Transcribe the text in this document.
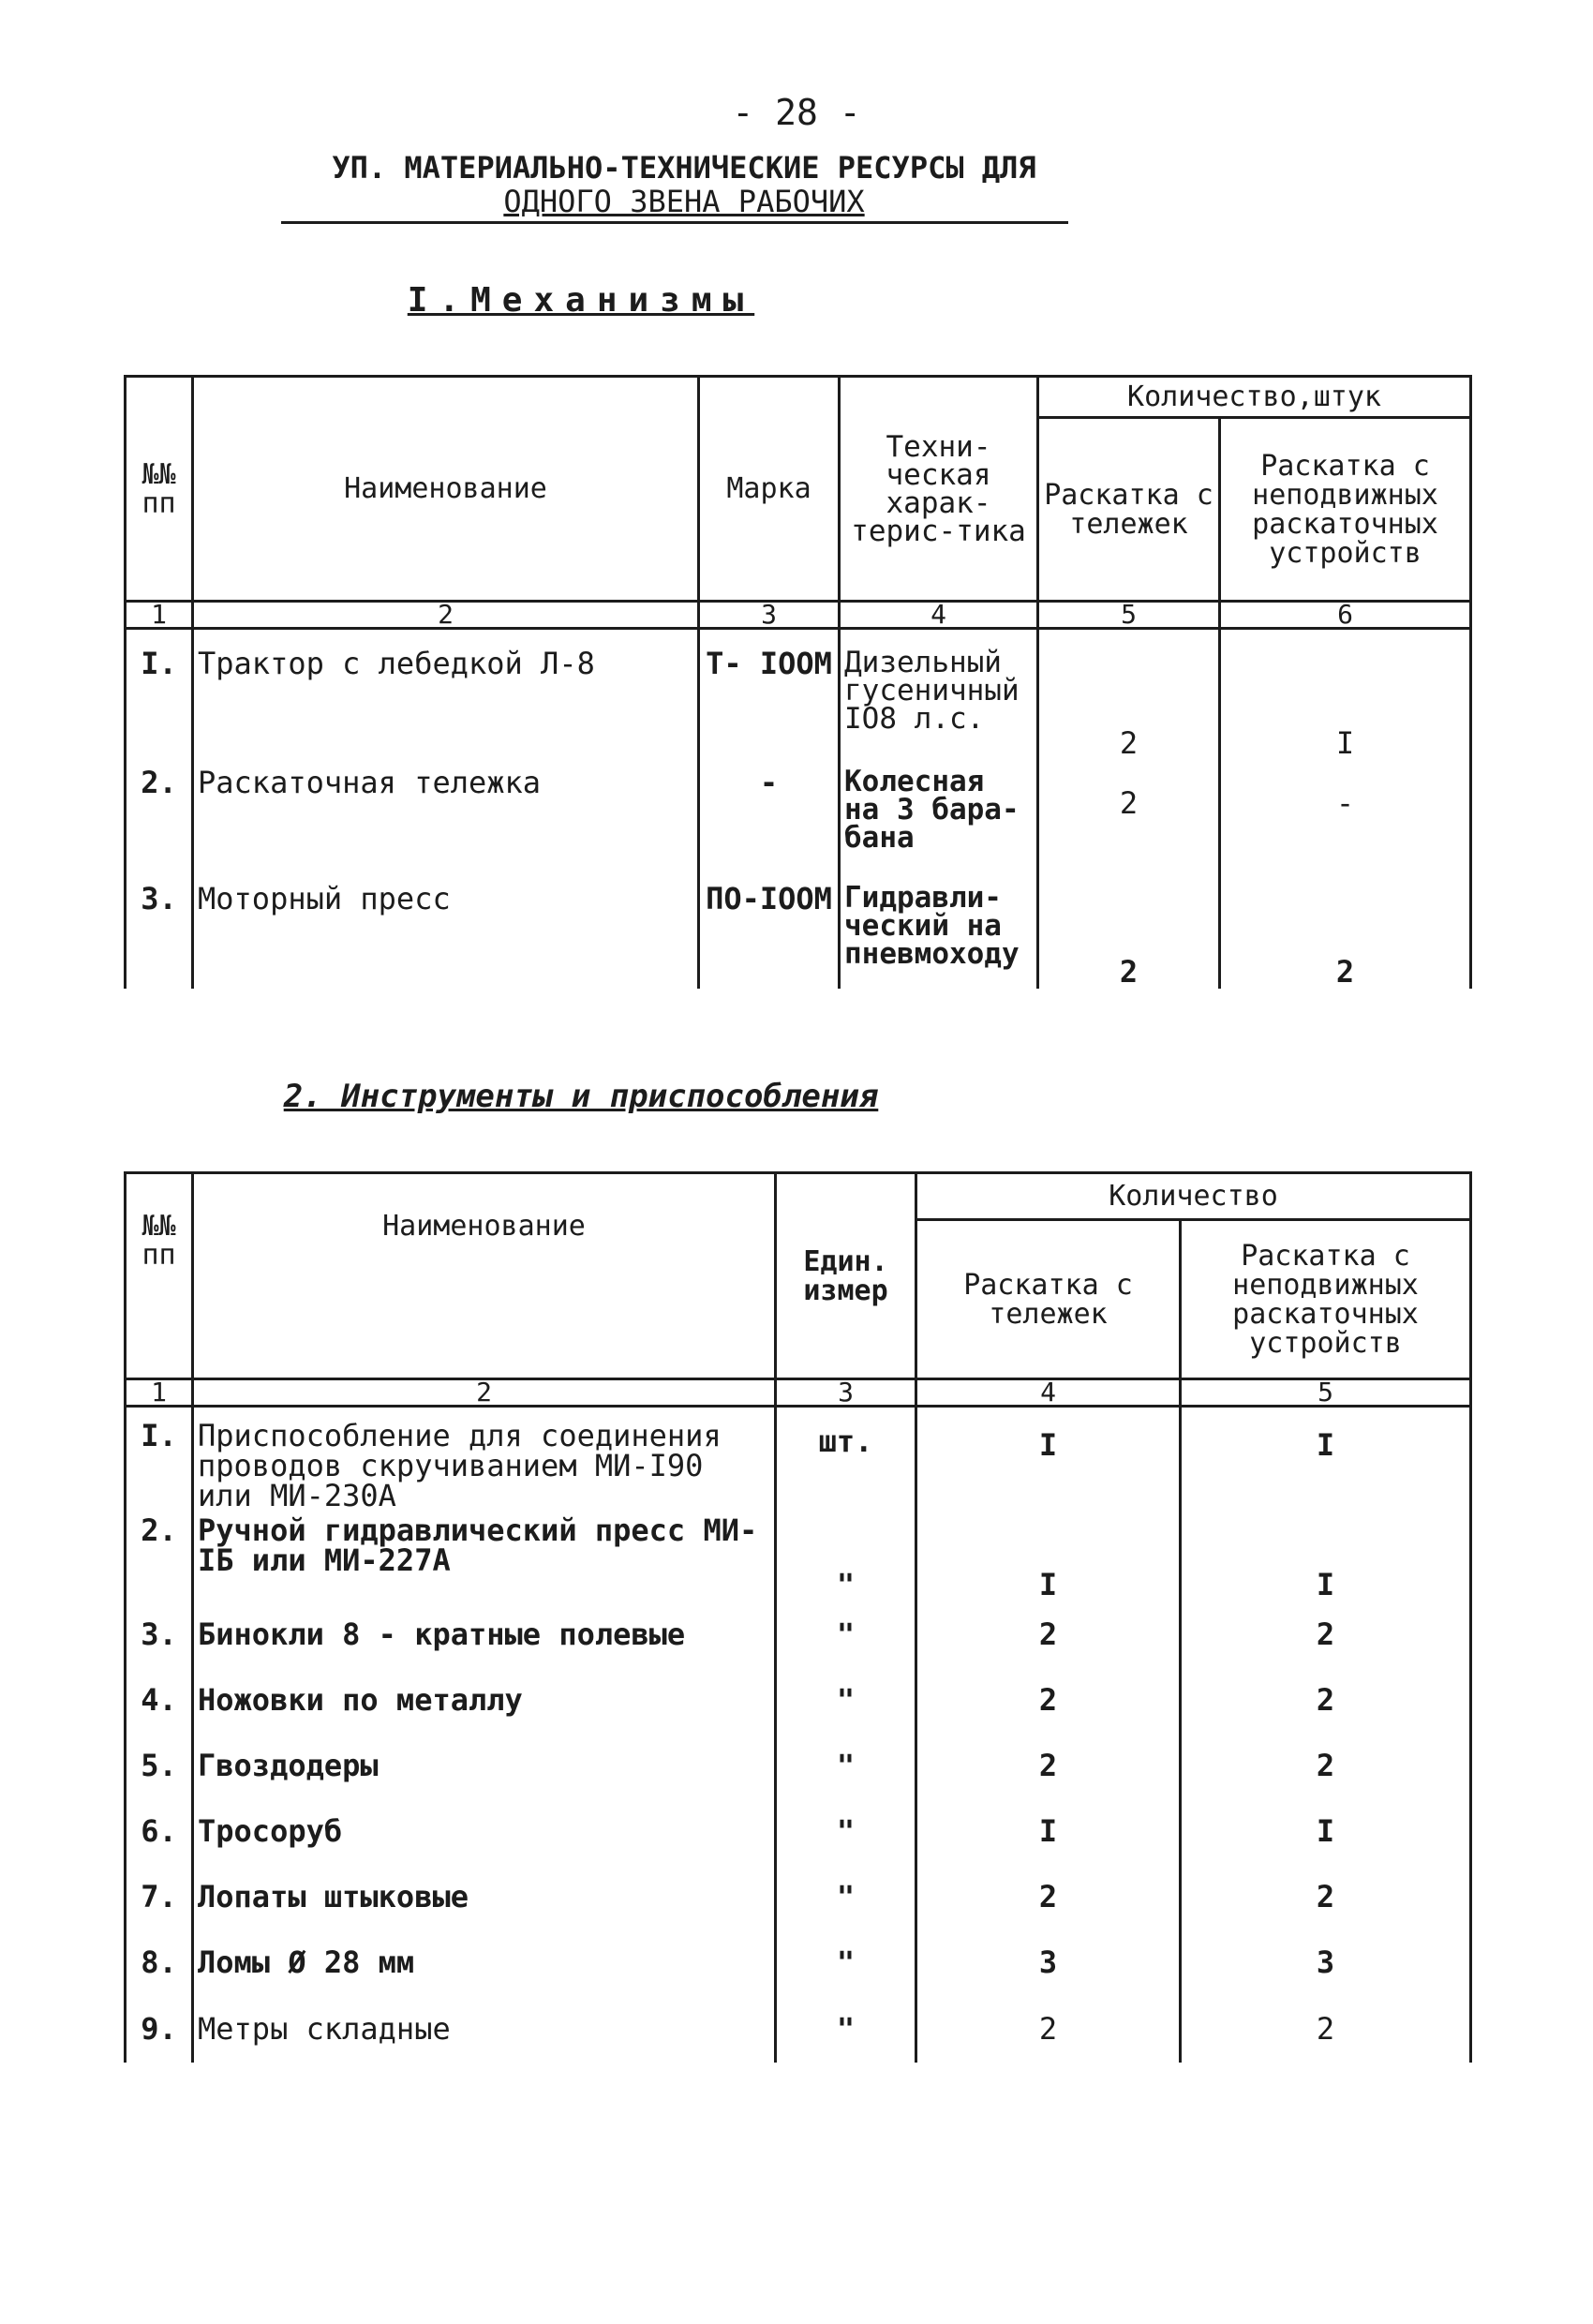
- 28 -
УП. МАТЕРИАЛЬНО-ТЕХНИЧЕСКИЕ РЕСУРСЫ ДЛЯ
ОДНОГО ЗВЕНА РАБОЧИХ
I.Механизмы
№№ пп	Наименование	Марка	Техни-ческая харак-терис-тика	Количество,штук	
				Раскатка с тележек	Раскатка с неподвижных раскаточных устройств
1	2	3	4	5	6
I.	Трактор с лебедкой Л-8	Т- IOOM	Дизельный гусеничный IO8 л.с.	2	I
2.	Раскаточная тележка	-	Колесная на 3 бара-бана	2	-
3.	Моторный пресс	ПО-IOOM	Гидравли-ческий на пневмоходу	2	2
2. Инструменты и приспособления
№№ пп	Наименование	Един. измер	Количество	
			Раскатка с тележек	Раскатка с неподвижных раскаточных устройств
1	2	3	4	5
I.	Приспособление для соединения проводов скручиванием МИ-I90 или МИ-230А	шт.	I	I
2.	Ручной гидравлический пресс МИ-IБ или МИ-227А	"	I	I
3.	Бинокли 8 - кратные полевые	"	2	2
4.	Ножовки по металлу	"	2	2
5.	Гвоздодеры	"	2	2
6.	Тросоруб	"	I	I
7.	Лопаты штыковые	"	2	2
8.	Ломы Ø 28 мм	"	3	3
9.	Метры складные	"	2	2
